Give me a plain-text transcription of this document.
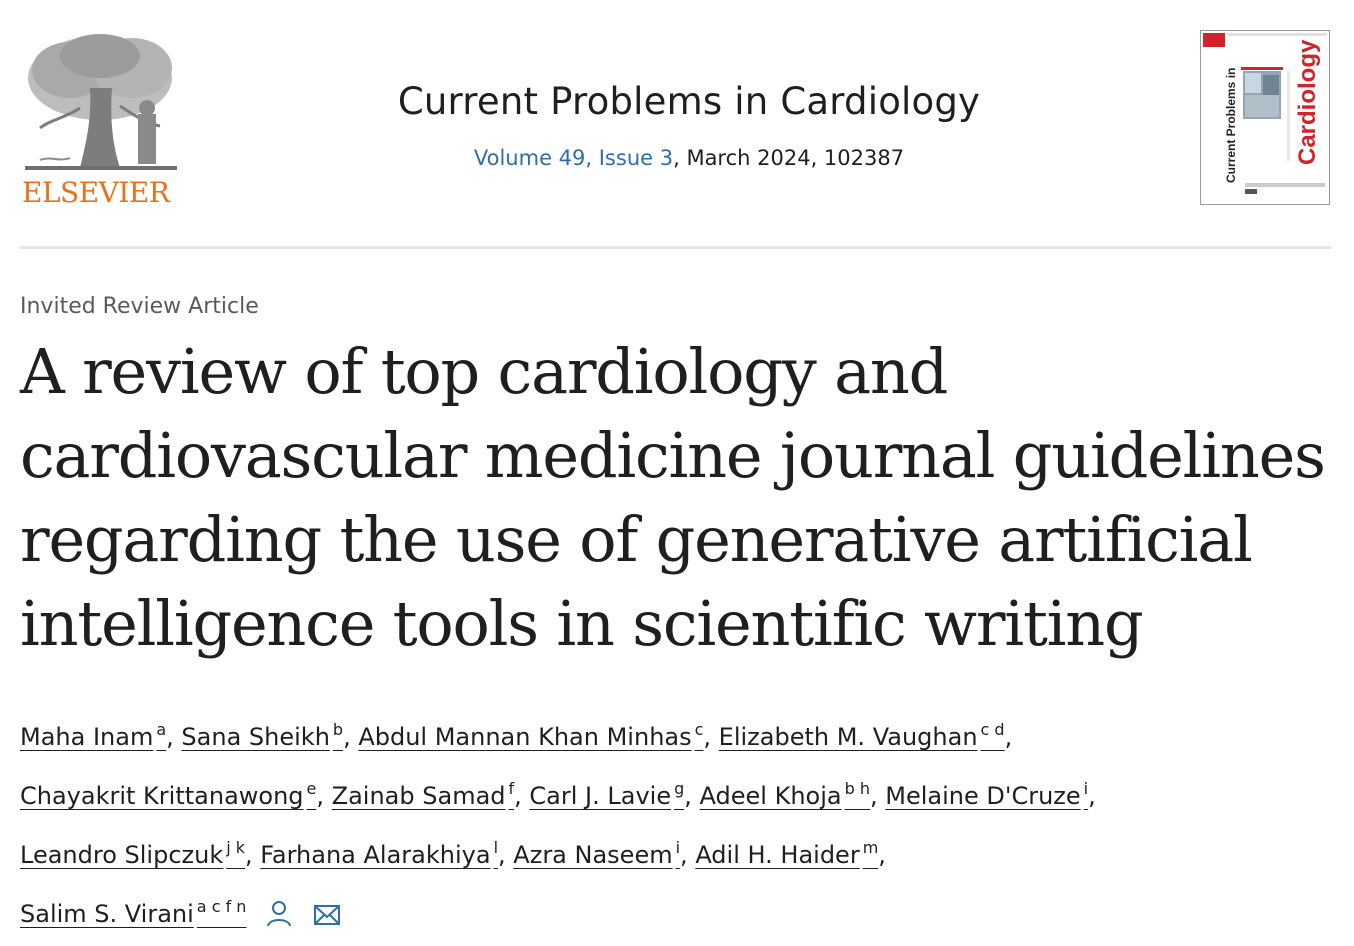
ELSEVIER
Current Problems in Cardiology
Volume 49, Issue 3, March 2024, 102387	Current Problems in Cardiology
Invited Review Article
A review of top cardiology and cardiovascular medicine journal guidelines regarding the use of generative artificial intelligence tools in scientific writing
Maha Inam $^a$, Sana Sheikh $^b$, Abdul Mannan Khan Minhas $^c$, Elizabeth M. Vaughan $^{c d}$,
Chayakrit Krittanawong $^e$, Zainab Samad $^f$, Carl J. Lavie $^g$, Adeel Khoja $^{b h}$, Melaine D'Cruze $^i$,
Leandro Slipczuk $^{j k}$, Farhana Alarakhiya $^l$, Azra Naseem $^i$, Adil H. Haider $^m$,
Salim S. Virani $^{a c f n}$
